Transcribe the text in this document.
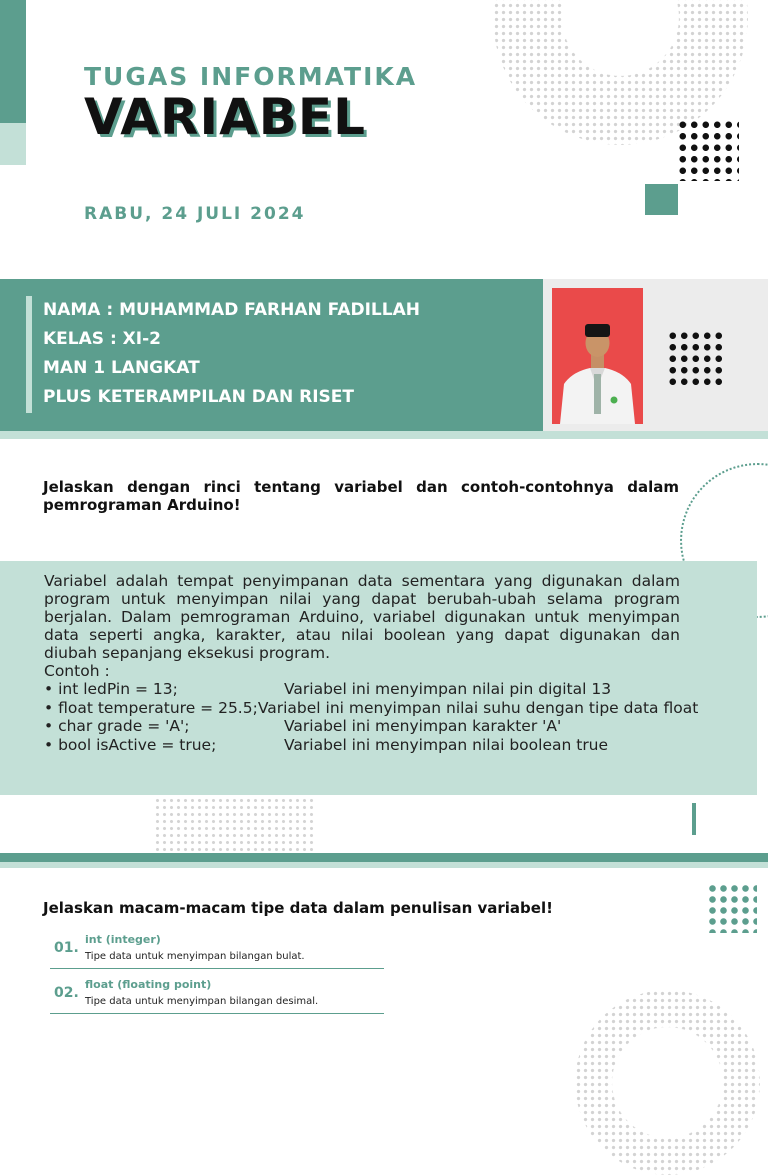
TUGAS INFORMATIKA
VARIABEL
RABU, 24 JULI 2024
NAMA : MUHAMMAD FARHAN FADILLAH
KELAS : XI-2
MAN 1 LANGKAT
PLUS KETERAMPILAN DAN RISET
Jelaskan dengan rinci tentang variabel dan contoh-contohnya dalam pemrograman Arduino!
Variabel adalah tempat penyimpanan data sementara yang digunakan dalam program untuk menyimpan nilai yang dapat berubah-ubah selama program berjalan. Dalam pemrograman Arduino, variabel digunakan untuk menyimpan data seperti angka, karakter, atau nilai boolean yang dapat digunakan dan diubah sepanjang eksekusi program.
Contoh :
• int ledPin = 13;	Variabel ini menyimpan nilai pin digital 13
• float temperature = 25.5; Variabel ini menyimpan nilai suhu dengan tipe data float
• char grade = 'A';	Variabel ini menyimpan karakter 'A'
• bool isActive = true;	Variabel ini menyimpan nilai boolean true
Jelaskan macam-macam tipe data dalam penulisan variabel!
01.
int (integer)
Tipe data untuk menyimpan bilangan bulat.
02.
float (floating point)
Tipe data untuk menyimpan bilangan desimal.
